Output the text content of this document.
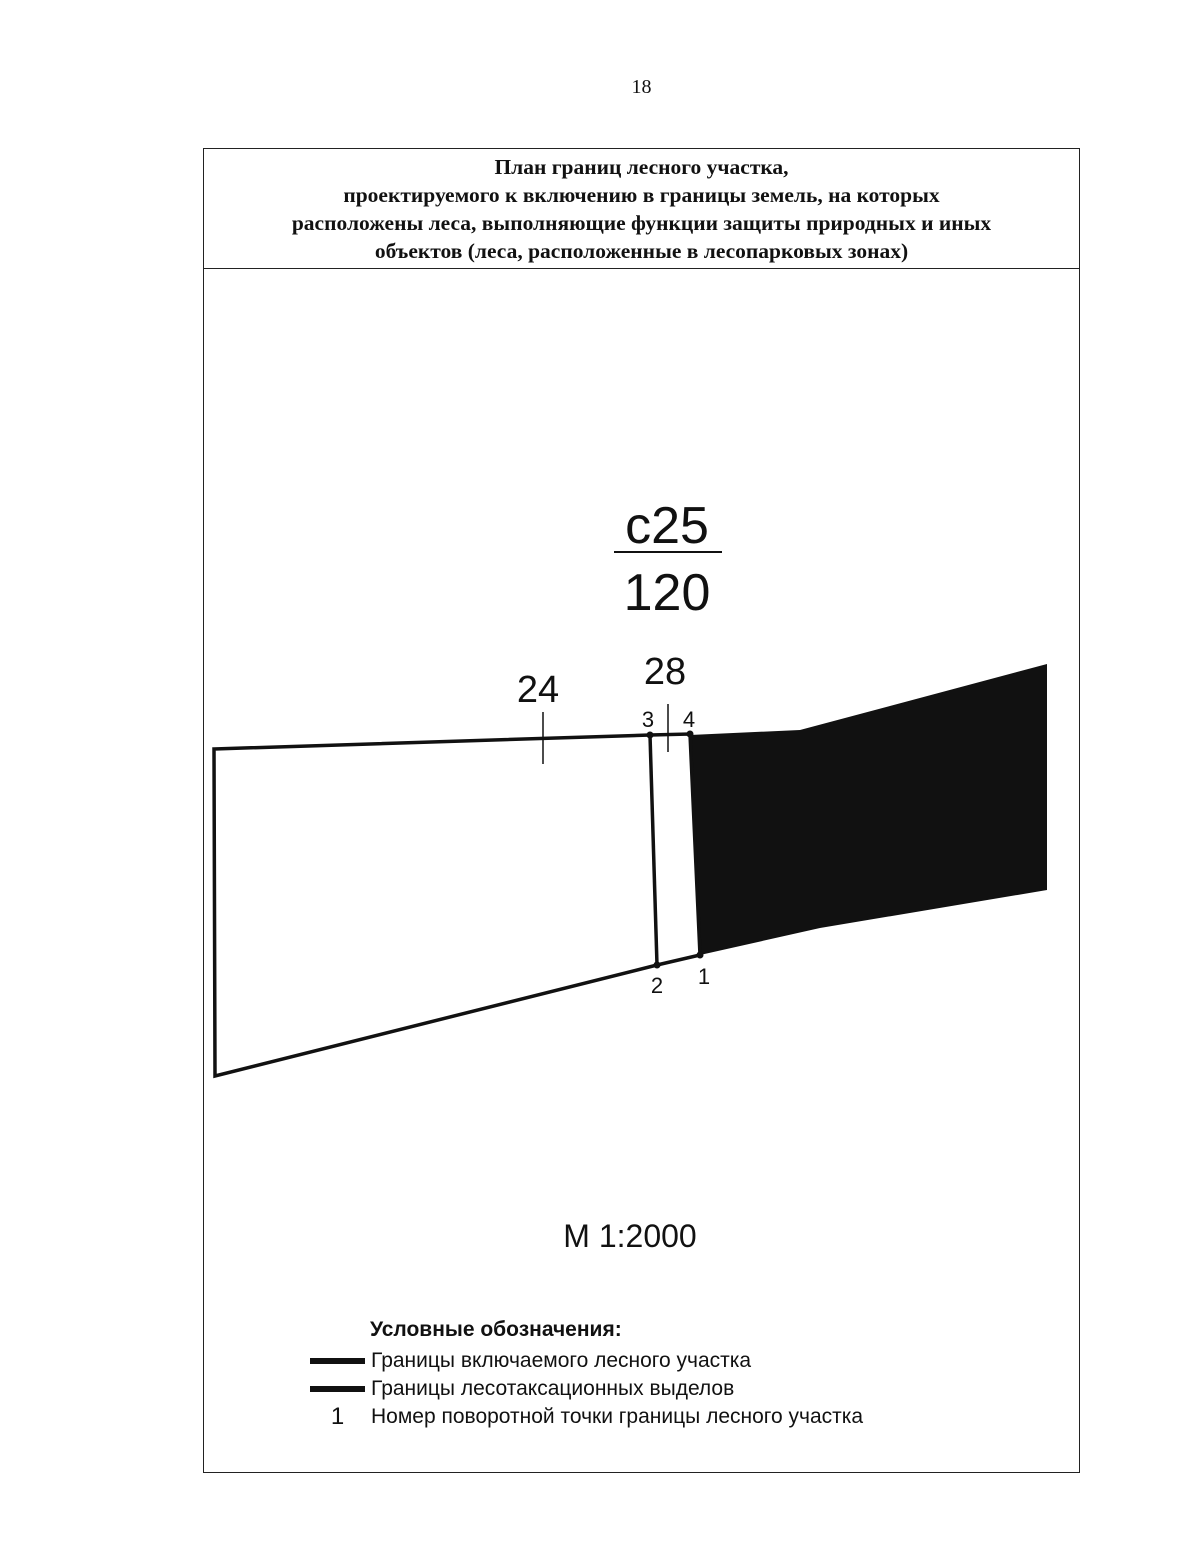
18
План границ лесного участка,
проектируемого к включению в границы земель, на которых
расположены леса, выполняющие функции защиты природных и иных
объектов (леса, расположенные в лесопарковых зонах)
с25
120
24 28
3 4
2 1
М 1:2000
Условные обозначения:
Границы включаемого лесного участка
Границы лесотаксационных выделов
1	Номер поворотной точки границы лесного участка
